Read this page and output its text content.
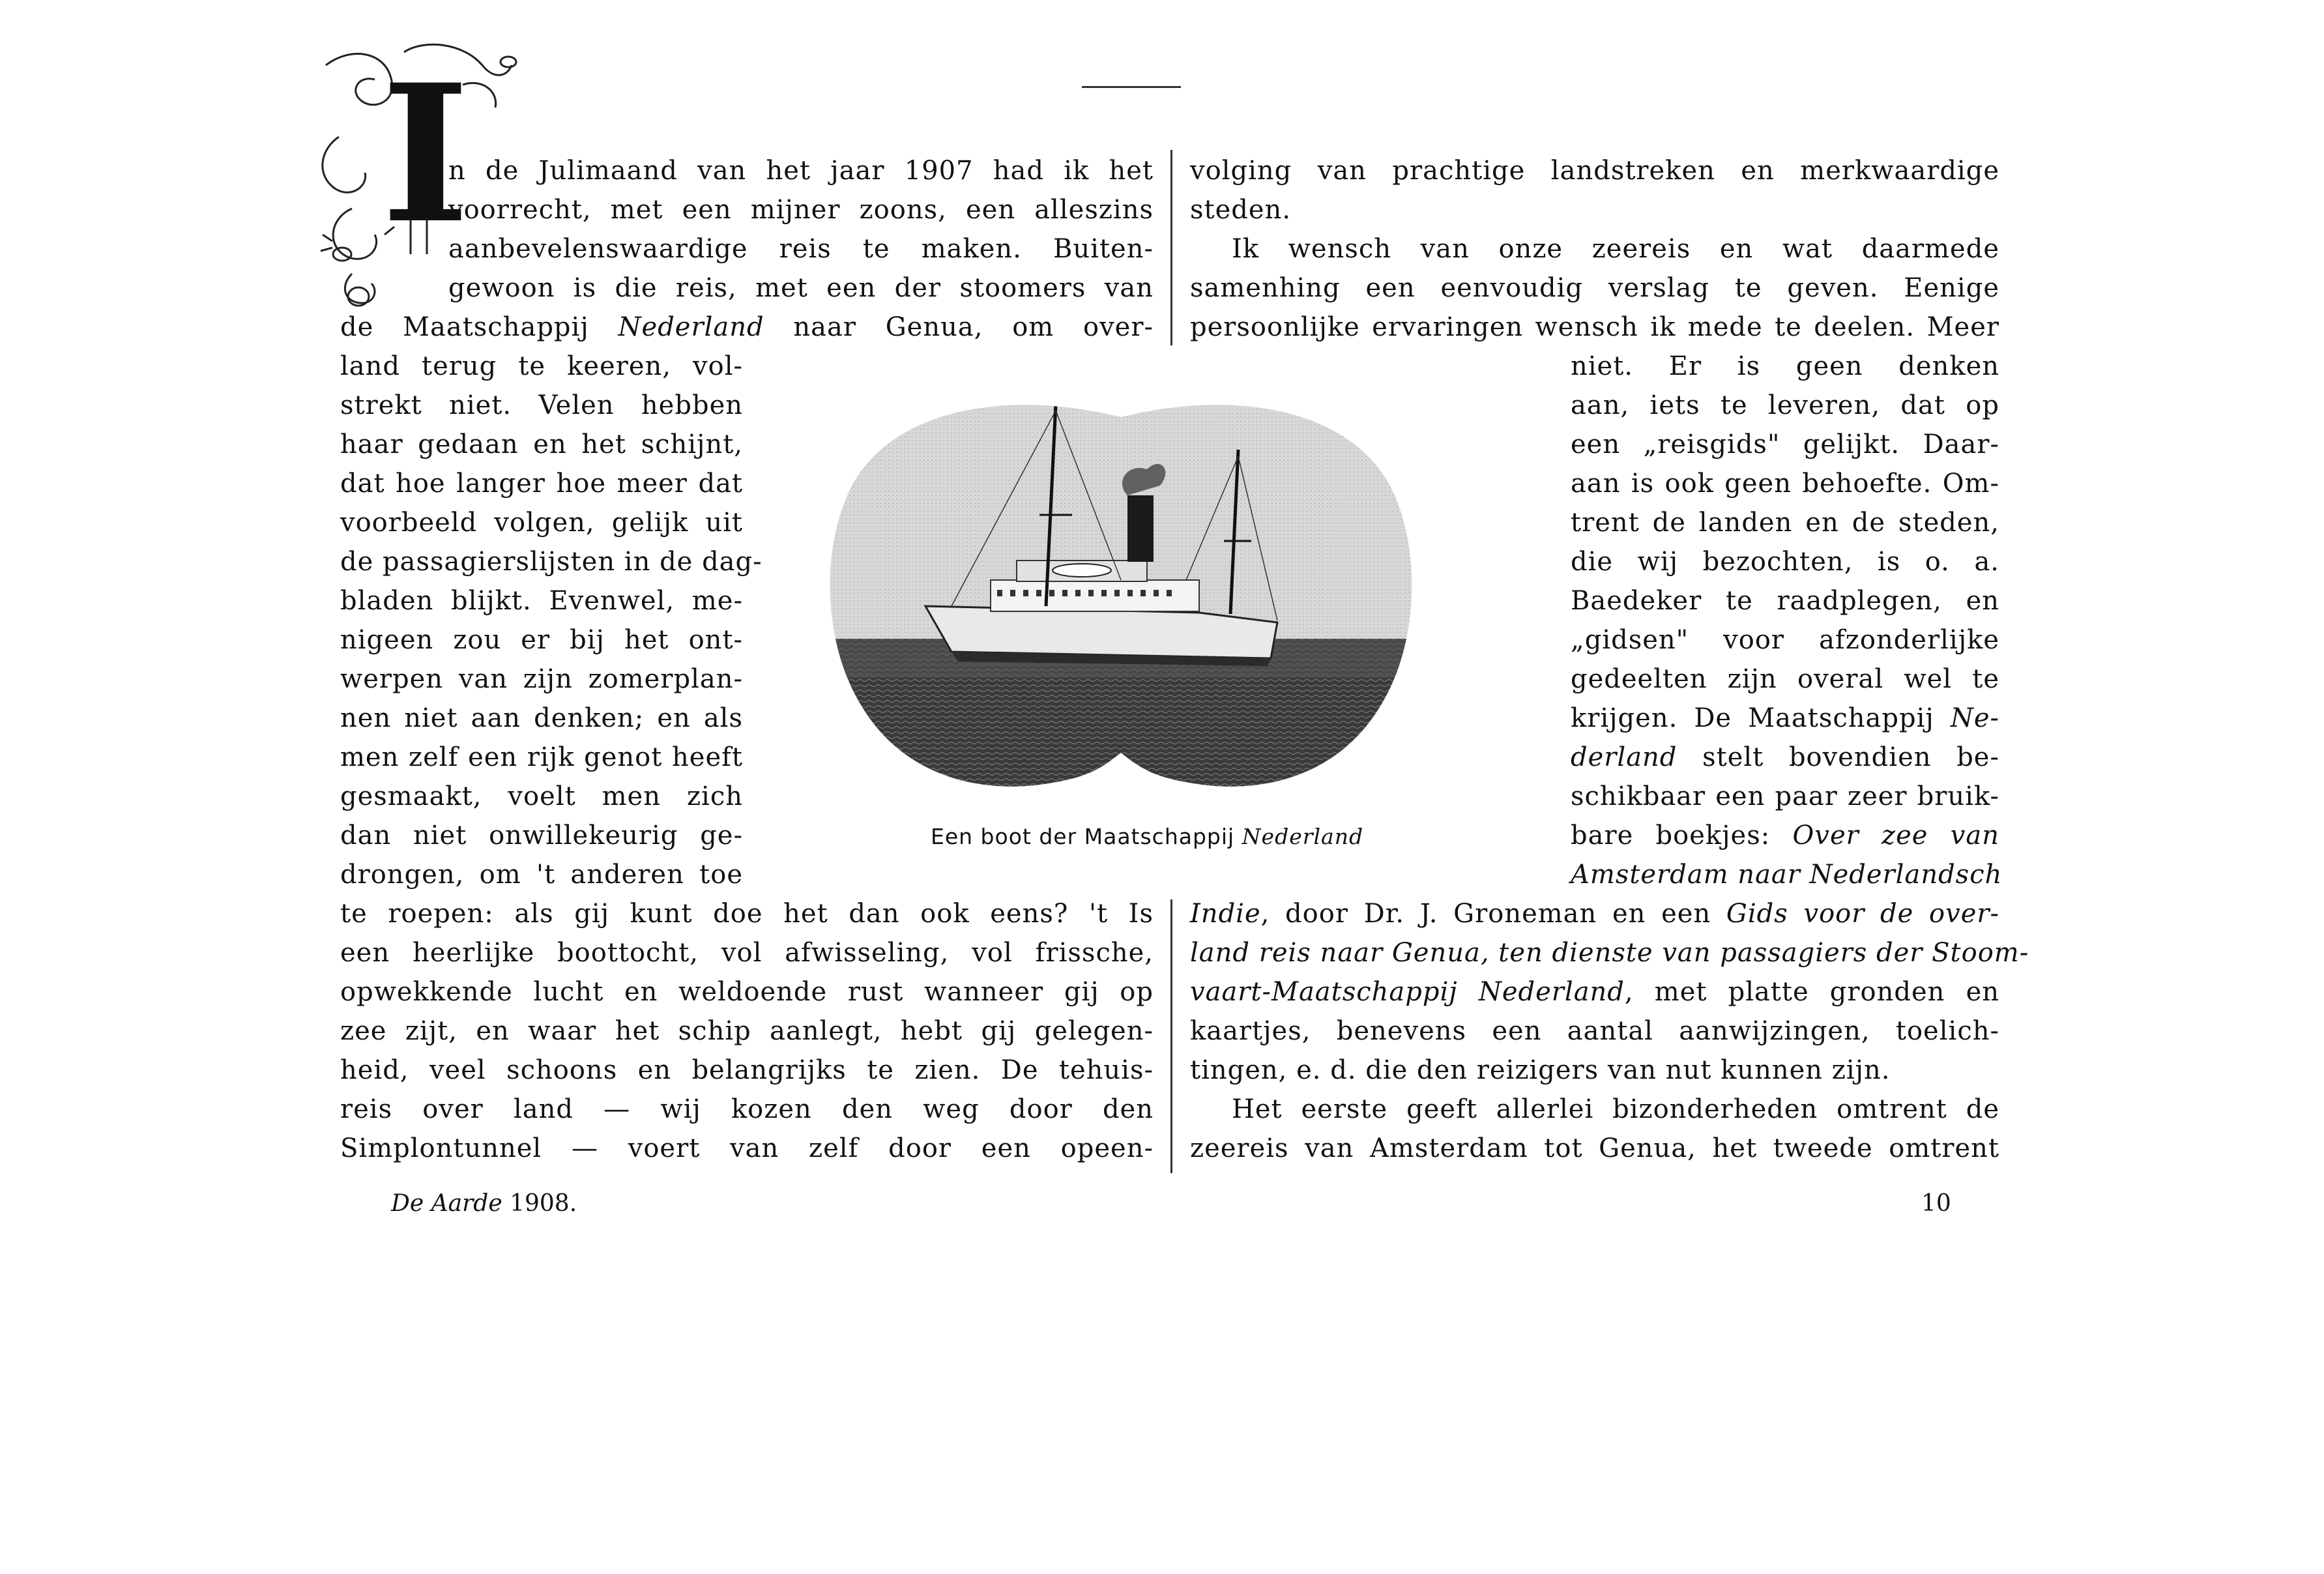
I
n de Julimaand van het jaar 1907 had ik het
voorrecht, met een mijner zoons, een alleszins
aanbevelenswaardige reis te maken. Buiten-
gewoon is die reis, met een der stoomers van
de Maatschappij Nederland naar Genua, om over-
land terug te keeren, vol-
strekt niet. Velen hebben
haar gedaan en het schijnt,
dat hoe langer hoe meer dat
voorbeeld volgen, gelijk uit
de passagierslijsten in de dag-
bladen blijkt. Evenwel, me-
nigeen zou er bij het ont-
werpen van zijn zomerplan-
nen niet aan denken; en als
men zelf een rijk genot heeft
gesmaakt, voelt men zich
dan niet onwillekeurig ge-
drongen, om 't anderen toe
te roepen: als gij kunt doe het dan ook eens? 't Is
een heerlijke boottocht, vol afwisseling, vol frissche,
opwekkende lucht en weldoende rust wanneer gij op
zee zijt, en waar het schip aanlegt, hebt gij gelegen-
heid, veel schoons en belangrijks te zien. De tehuis-
reis over land — wij kozen den weg door den
Simplontunnel — voert van zelf door een opeen-
volging van prachtige landstreken en merkwaardige
steden.
Ik wensch van onze zeereis en wat daarmede
samenhing een eenvoudig verslag te geven. Eenige
persoonlijke ervaringen wensch ik mede te deelen. Meer
niet. Er is geen denken
aan, iets te leveren, dat op
een „reisgids" gelijkt. Daar-
aan is ook geen behoefte. Om-
trent de landen en de steden,
die wij bezochten, is o. a.
Baedeker te raadplegen, en
„gidsen" voor afzonderlijke
gedeelten zijn overal wel te
krijgen. De Maatschappij Ne-
derland stelt bovendien be-
schikbaar een paar zeer bruik-
bare boekjes: Over zee van
Amsterdam naar Nederlandsch
Indie, door Dr. J. Groneman en een Gids voor de over-
land reis naar Genua, ten dienste van passagiers der Stoom-
vaart-Maatschappij Nederland, met platte gronden en
kaartjes, benevens een aantal aanwijzingen, toelich-
tingen, e. d. die den reizigers van nut kunnen zijn.
Het eerste geeft allerlei bizonderheden omtrent de
zeereis van Amsterdam tot Genua, het tweede omtrent
Een boot der Maatschappij Nederland
De Aarde 1908.	10
